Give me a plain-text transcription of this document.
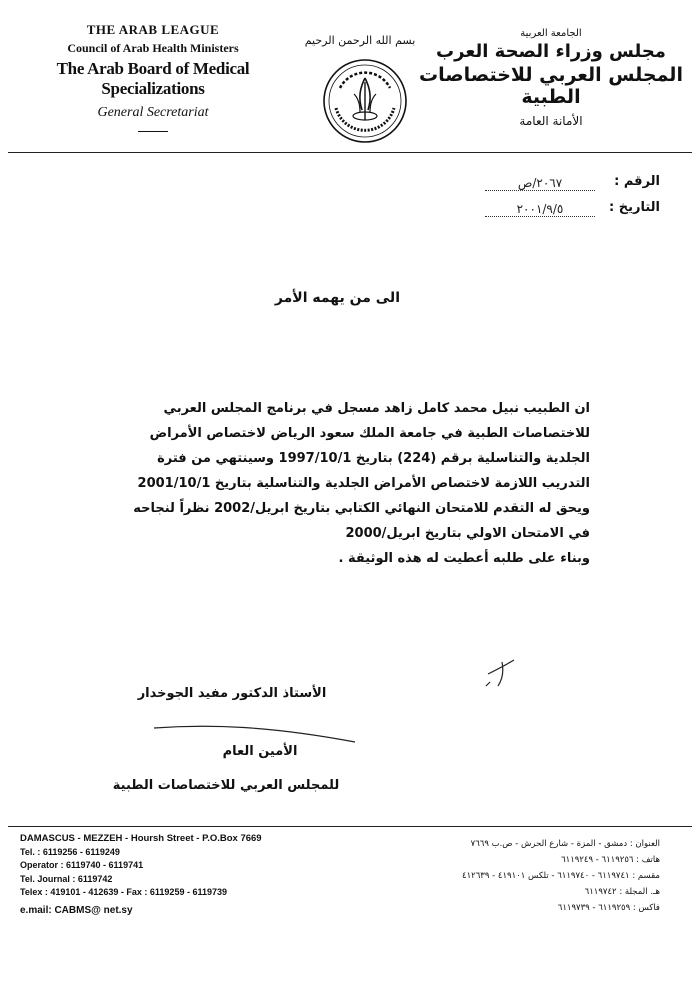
THE ARAB LEAGUE
Council of Arab Health Ministers
The Arab Board of Medical Specializations
General Secretariat
بسم الله الرحمن الرحيم
الجامعة العربية
مجلس وزراء الصحة العرب
المجلس العربي للاختصاصات الطبية
الأمانة العامة
الرقم :
٢٠٦٧/ص
التاريخ :
٢٠٠١/٩/٥
الى من يهمه الأمر
ان الطبيب نبيل محمد كامل زاهد مسجل في برنامج المجلس العربي
للاختصاصات الطبية في جامعة الملك سعود الرياض لاختصاص الأمراض
الجلدية والتناسلية برقم (224) بتاريخ 1997/10/1 وسينتهي من فترة
التدريب اللازمة لاختصاص الأمراض الجلدية والتناسلية بتاريخ 2001/10/1
ويحق له التقدم للامتحان النهائي الكتابي بتاريخ ابريل/2002 نظراً لنجاحه
في الامتحان الاولي بتاريخ ابريل/2000
وبناء على طلبه أعطيت له هذه الوثيقة .
الأستاذ الدكتور مفيد الجوخدار
الأمين العام
للمجلس العربي للاختصاصات الطبية
DAMASCUS - MEZZEH - Hoursh Street - P.O.Box 7669
Tel. : 6119256 - 6119249
Operator : 6119740 - 6119741
Tel. Journal : 6119742
Telex : 419101 - 412639 - Fax : 6119259 - 6119739
e.mail: CABMS@ net.sy
العنوان : دمشق - المزة - شارع الحرش - ص.ب ٧٦٦٩
هاتف : ٦١١٩٢٥٦ - ٦١١٩٢٤٩
مقسم : ٦١١٩٧٤١ - ٦١١٩٧٤٠ - تلكس ٤١٩١٠١ - ٤١٢٦٣٩
هـ. المجلة : ٦١١٩٧٤٢
فاكس : ٦١١٩٢٥٩ - ٦١١٩٧٣٩
